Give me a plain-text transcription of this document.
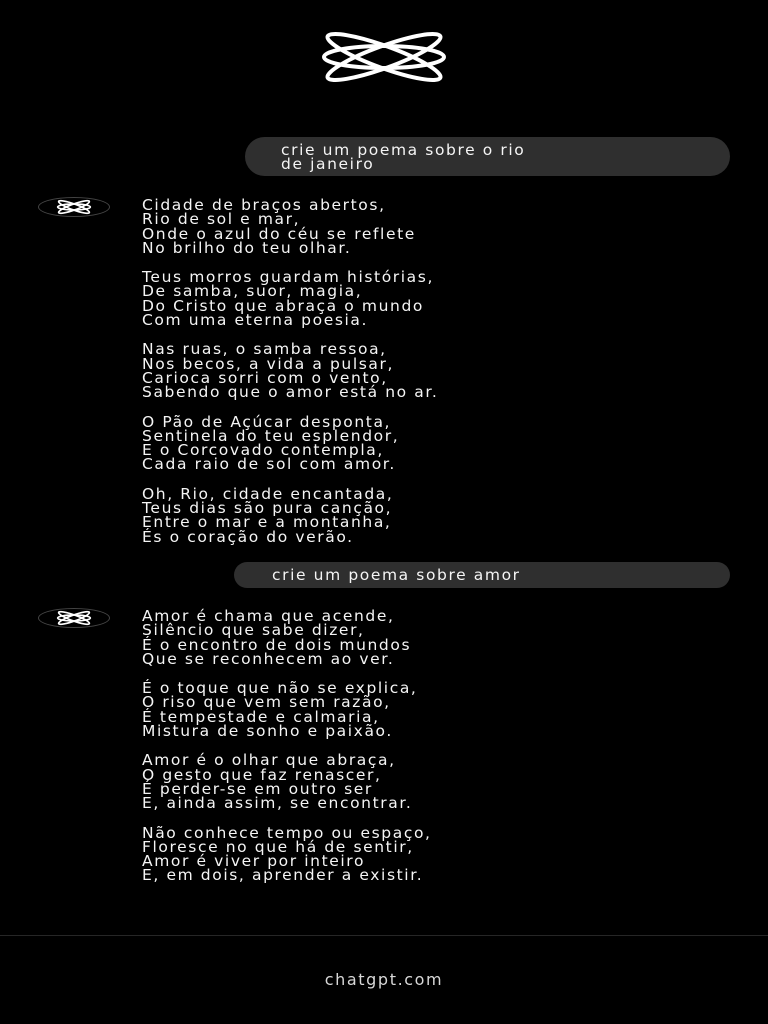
crie um poema sobre o rio
de janeiro
Cidade de braços abertos,
Rio de sol e mar,
Onde o azul do céu se reflete
No brilho do teu olhar.
Teus morros guardam histórias,
De samba, suor, magia,
Do Cristo que abraça o mundo
Com uma eterna poesia.
Nas ruas, o samba ressoa,
Nos becos, a vida a pulsar,
Carioca sorri com o vento,
Sabendo que o amor está no ar.
O Pão de Açúcar desponta,
Sentinela do teu esplendor,
E o Corcovado contempla,
Cada raio de sol com amor.
Oh, Rio, cidade encantada,
Teus dias são pura canção,
Entre o mar e a montanha,
És o coração do verão.
crie um poema sobre amor
Amor é chama que acende,
Silêncio que sabe dizer,
É o encontro de dois mundos
Que se reconhecem ao ver.
É o toque que não se explica,
O riso que vem sem razão,
É tempestade e calmaria,
Mistura de sonho e paixão.
Amor é o olhar que abraça,
O gesto que faz renascer,
É perder-se em outro ser
E, ainda assim, se encontrar.
Não conhece tempo ou espaço,
Floresce no que há de sentir,
Amor é viver por inteiro
E, em dois, aprender a existir.
chatgpt.com
